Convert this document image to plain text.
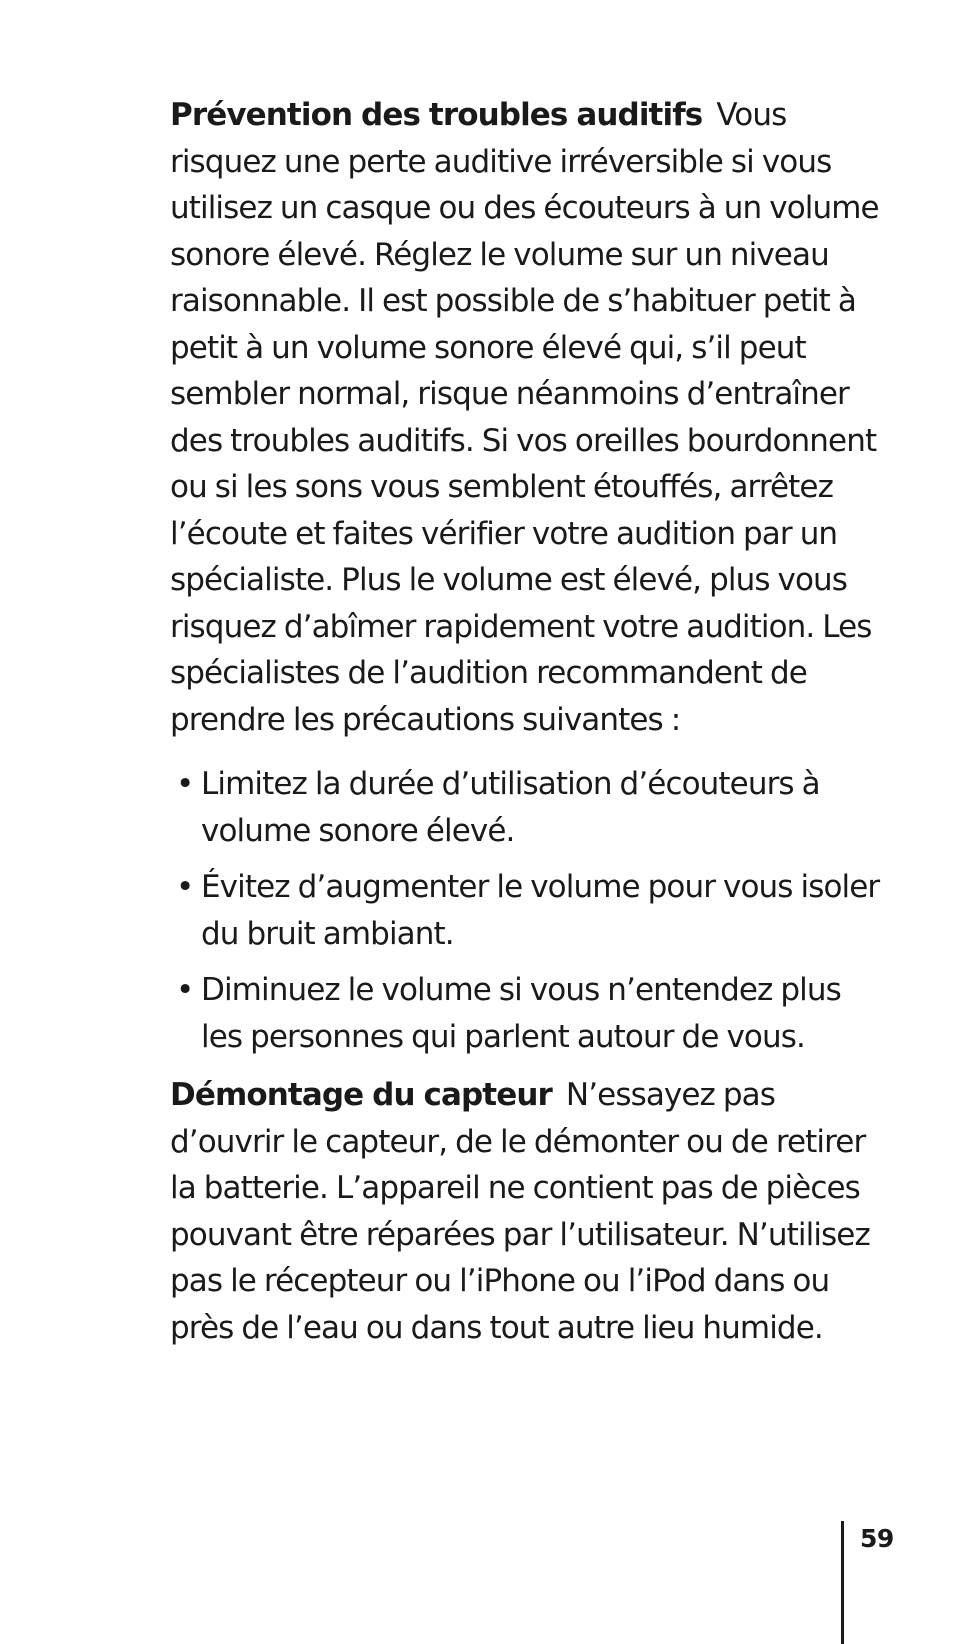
Prévention des troubles auditifs Vous risquez une perte auditive irréversible si vous utilisez un casque ou des écouteurs à un volume sonore élevé. Réglez le volume sur un niveau raisonnable. Il est possible de s’habituer petit à petit à un volume sonore élevé qui, s’il peut sembler normal, risque néanmoins d’entraîner des troubles auditifs. Si vos oreilles bourdonnent ou si les sons vous semblent étouffés, arrêtez l’écoute et faites vérifier votre audition par un spécialiste. Plus le volume est élevé, plus vous risquez d’abîmer rapidement votre audition. Les spécialistes de l’audition recommandent de prendre les précautions suivantes :

• Limitez la durée d’utilisation d’écouteurs à volume sonore élevé.
• Évitez d’augmenter le volume pour vous isoler du bruit ambiant.
• Diminuez le volume si vous n’entendez plus les personnes qui parlent autour de vous.

Démontage du capteur N’essayez pas d’ouvrir le capteur, de le démonter ou de retirer la batterie. L’appareil ne contient pas de pièces pouvant être réparées par l’utilisateur. N’utilisez pas le récepteur ou l’iPhone ou l’iPod dans ou près de l’eau ou dans tout autre lieu humide.

59
